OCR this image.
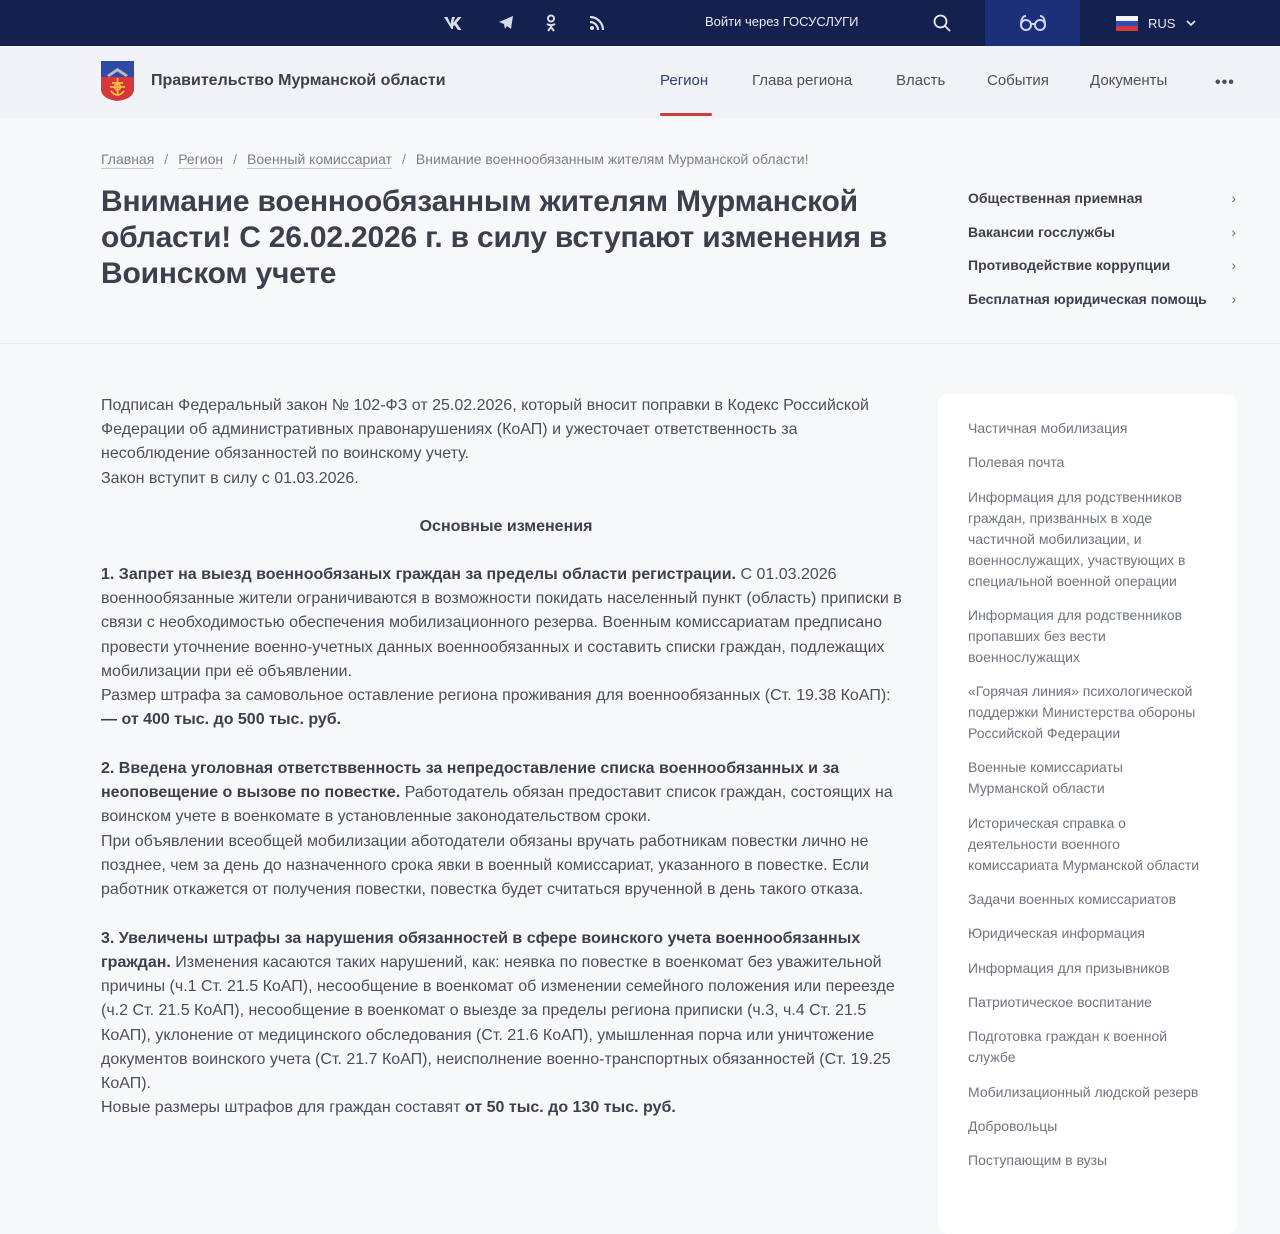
Войти через ГОСУСЛУГИ	RUS
Правительство Мурманской области	Регион	Глава региона	Власть	События	Документы	•••
Главная / Регион / Военный комиссариат / Внимание военнообязанным жителям Мурманской области!
Внимание военнообязанным жителям Мурманской области! С 26.02.2026 г. в силу вступают изменения в Воинском учете
Общественная приемная	›
Вакансии госслужбы	›
Противодействие коррупции	›
Бесплатная юридическая помощь ›

Подписан Федеральный закон № 102-ФЗ от 25.02.2026, который вносит поправки в Кодекс Российской Федерации об административных правонарушениях (КоАП) и ужесточает ответственность за несоблюдение обязанностей по воинскому учету.

Закон вступит в силу с 01.03.2026.

Основные изменения

1. Запрет на выезд военнообязаных граждан за пределы области регистрации. С 01.03.2026 военнообязанные жители ограничиваются в возможности покидать населенный пункт (область) приписки в связи с необходимостью обеспечения мобилизационного резерва. Военным комиссариатам предписано провести уточнение военно-учетных данных военнообязанных и составить списки граждан, подлежащих мобилизации при её объявлении.

Размер штрафа за самовольное оставление региона проживания для военнообязанных (Ст. 19.38 КоАП):

— от 400 тыс. до 500 тыс. руб.

2. Введена уголовная ответстввенность за непредоставление списка военнообязанных и за неоповещение о вызове по повестке. Работодатель обязан предоставит список граждан, состоящих на воинском учете в военкомате в установленные законодательством сроки.

При объявлении всеобщей мобилизации аботодатели обязаны вручать работникам повестки лично не позднее, чем за день до назначенного срока явки в военный комиссариат, указанного в повестке. Если работник откажется от получения повестки, повестка будет считаться врученной в день такого отказа.

3. Увеличены штрафы за нарушения обязанностей в сфере воинского учета военнообязанных граждан. Изменения касаются таких нарушений, как: неявка по повестке в военкомат без уважительной причины (ч.1 Ст. 21.5 КоАП), несообщение в военкомат об изменении семейного положения или переезде (ч.2 Ст. 21.5 КоАП), несообщение в военкомат о выезде за пределы региона приписки (ч.3, ч.4 Ст. 21.5 КоАП), уклонение от медицинского обследования (Ст. 21.6 КоАП), умышленная порча или уничтожение документов воинского учета (Ст. 21.7 КоАП), неисполнение военно-транспортных обязанностей (Ст. 19.25 КоАП).

Новые размеры штрафов для граждан составят от 50 тыс. до 130 тыс. руб.

Частичная мобилизация
Полевая почта
Информация для родственников граждан, призванных в ходе частичной мобилизации, и военнослужащих, участвующих в специальной военной операции
Информация для родственников пропавших без вести военнослужащих
«Горячая линия» психологической поддержки Министерства обороны Российской Федерации
Военные комиссариаты Мурманской области
Историческая справка о деятельности военного комиссариата Мурманской области
Задачи военных комиссариатов
Юридическая информация
Информация для призывников
Патриотическое воспитание
Подготовка граждан к военной службе
Мобилизационный людской резерв
Добровольцы
Поступающим в вузы
